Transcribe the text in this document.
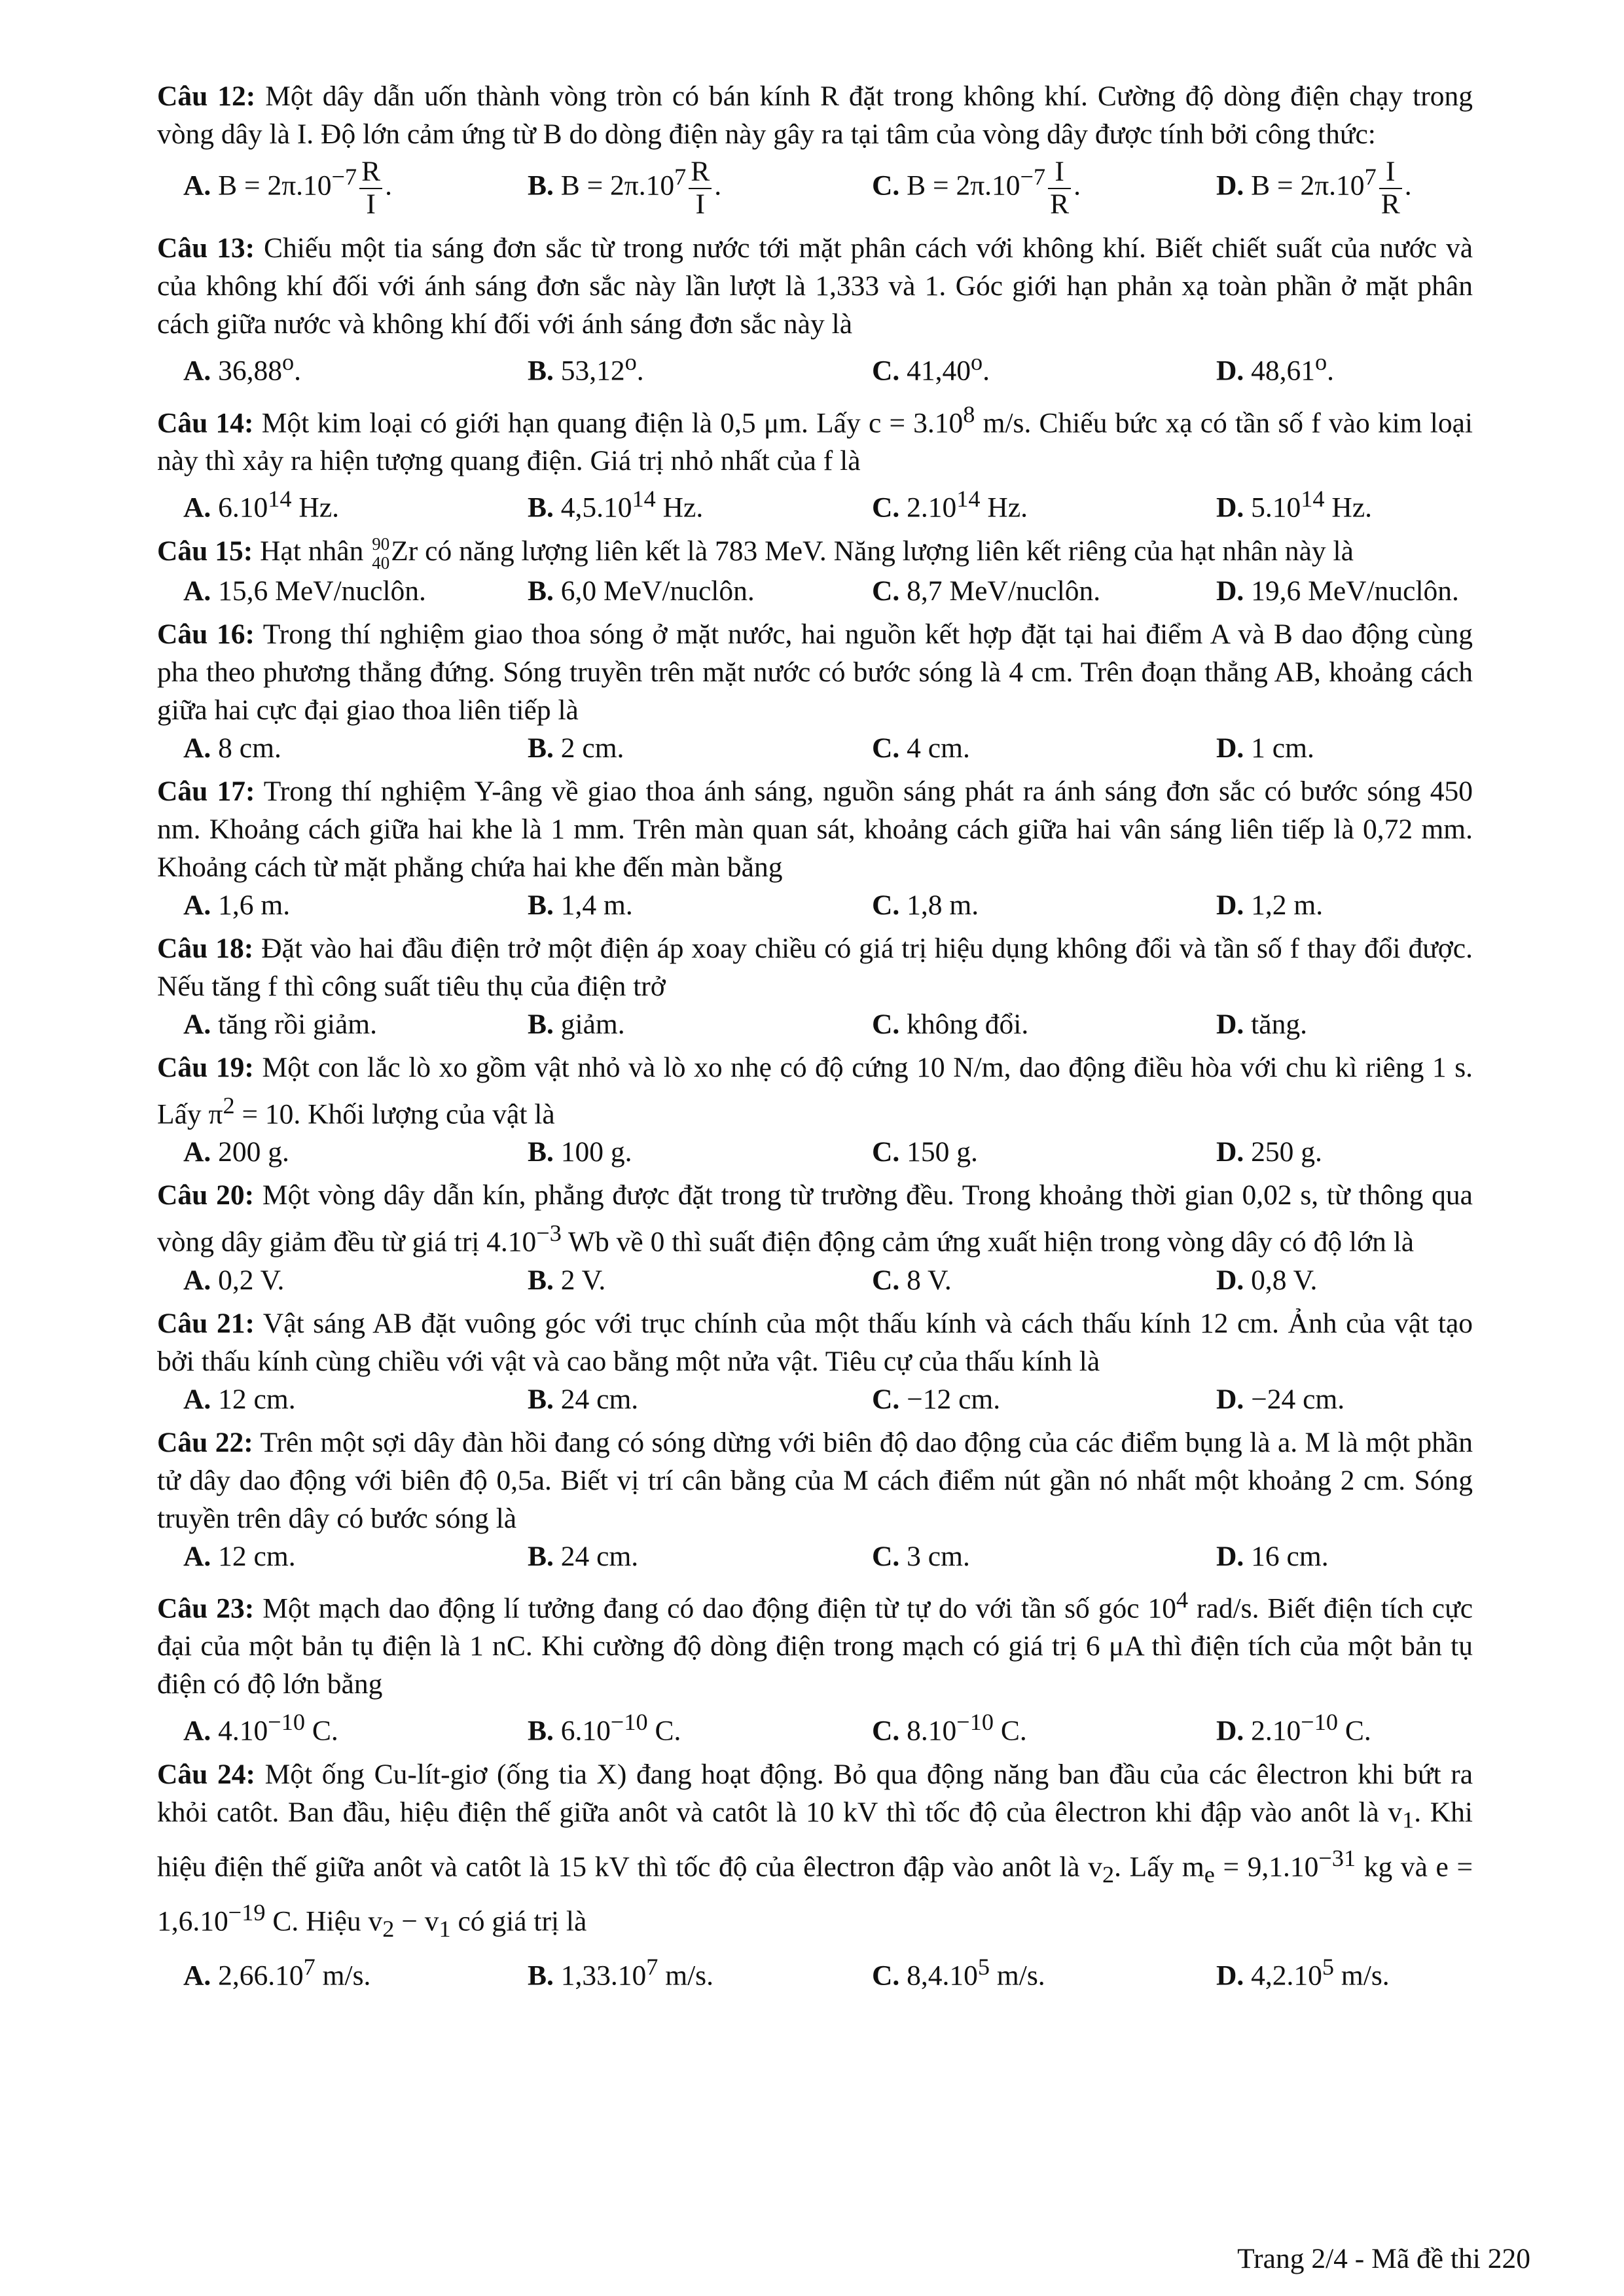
Câu 12: Một dây dẫn uốn thành vòng tròn có bán kính R đặt trong không khí. Cường độ dòng điện chạy trong vòng dây là I. Độ lớn cảm ứng từ B do dòng điện này gây ra tại tâm của vòng dây được tính bởi công thức:

A. $B = 2\pi.10^{-7} \frac{R}{I}$ .	B. $B = 2\pi.10^7 \frac{R}{I}$ .	C. $B = 2\pi.10^{-7} \frac{I}{R}$ .	D. $B = 2\pi.10^7 \frac{I}{R}$ .

Câu 13: Chiếu một tia sáng đơn sắc từ trong nước tới mặt phân cách với không khí. Biết chiết suất của nước và của không khí đối với ánh sáng đơn sắc này lần lượt là 1,333 và 1. Góc giới hạn phản xạ toàn phần ở mặt phân cách giữa nước và không khí đối với ánh sáng đơn sắc này là

A. 36,88$^o$.	B. 53,12$^o$.	C. 41,40$^o$.	D. 48,61$^o$.

Câu 14: Một kim loại có giới hạn quang điện là 0,5 μm. Lấy $c = 3.10^8$ m/s. Chiếu bức xạ có tần số f vào kim loại này thì xảy ra hiện tượng quang điện. Giá trị nhỏ nhất của f là

A. 6.10$^{14}$ Hz.	B. 4,5.10$^{14}$ Hz.	C. 2.10$^{14}$ Hz.	D. 5.10$^{14}$ Hz.

Câu 15: Hạt nhân 90
40 Zr có năng lượng liên kết là 783 MeV. Năng lượng liên kết riêng của hạt nhân này là

A. 15,6 MeV/nuclôn.	B. 6,0 MeV/nuclôn.	C. 8,7 MeV/nuclôn.	D. 19,6 MeV/nuclôn.

Câu 16: Trong thí nghiệm giao thoa sóng ở mặt nước, hai nguồn kết hợp đặt tại hai điểm A và B dao động cùng pha theo phương thẳng đứng. Sóng truyền trên mặt nước có bước sóng là 4 cm. Trên đoạn thẳng AB, khoảng cách giữa hai cực đại giao thoa liên tiếp là

A. 8 cm.	B. 2 cm.	C. 4 cm.	D. 1 cm.

Câu 17: Trong thí nghiệm Y-âng về giao thoa ánh sáng, nguồn sáng phát ra ánh sáng đơn sắc có bước sóng 450 nm. Khoảng cách giữa hai khe là 1 mm. Trên màn quan sát, khoảng cách giữa hai vân sáng liên tiếp là 0,72 mm. Khoảng cách từ mặt phẳng chứa hai khe đến màn bằng

A. 1,6 m.	B. 1,4 m.	C. 1,8 m.	D. 1,2 m.

Câu 18: Đặt vào hai đầu điện trở một điện áp xoay chiều có giá trị hiệu dụng không đổi và tần số f thay đổi được. Nếu tăng f thì công suất tiêu thụ của điện trở

A. tăng rồi giảm.	B. giảm.	C. không đổi.	D. tăng.

Câu 19: Một con lắc lò xo gồm vật nhỏ và lò xo nhẹ có độ cứng 10 N/m, dao động điều hòa với chu kì riêng 1 s. Lấy $\pi^2 = 10$. Khối lượng của vật là

A. 200 g.	B. 100 g.	C. 150 g.	D. 250 g.

Câu 20: Một vòng dây dẫn kín, phẳng được đặt trong từ trường đều. Trong khoảng thời gian 0,02 s, từ thông qua vòng dây giảm đều từ giá trị $4.10^{-3}$ Wb về 0 thì suất điện động cảm ứng xuất hiện trong vòng dây có độ lớn là

A. 0,2 V.	B. 2 V.	C. 8 V.	D. 0,8 V.

Câu 21: Vật sáng AB đặt vuông góc với trục chính của một thấu kính và cách thấu kính 12 cm. Ảnh của vật tạo bởi thấu kính cùng chiều với vật và cao bằng một nửa vật. Tiêu cự của thấu kính là

A. 12 cm.	B. 24 cm.	C. −12 cm.	D. −24 cm.

Câu 22: Trên một sợi dây đàn hồi đang có sóng dừng với biên độ dao động của các điểm bụng là a. M là một phần tử dây dao động với biên độ 0,5a. Biết vị trí cân bằng của M cách điểm nút gần nó nhất một khoảng 2 cm. Sóng truyền trên dây có bước sóng là

A. 12 cm.	B. 24 cm.	C. 3 cm.	D. 16 cm.

Câu 23: Một mạch dao động lí tưởng đang có dao động điện từ tự do với tần số góc $10^4$ rad/s. Biết điện tích cực đại của một bản tụ điện là 1 nC. Khi cường độ dòng điện trong mạch có giá trị 6 μA thì điện tích của một bản tụ điện có độ lớn bằng

A. $4.10^{-10}$ C.	B. $6.10^{-10}$ C.	C. $8.10^{-10}$ C.	D. $2.10^{-10}$ C.

Câu 24: Một ống Cu-lít-giơ (ống tia X) đang hoạt động. Bỏ qua động năng ban đầu của các êlectron khi bứt ra khỏi catôt. Ban đầu, hiệu điện thế giữa anôt và catôt là 10 kV thì tốc độ của êlectron khi đập vào anôt là $v_1$. Khi hiệu điện thế giữa anôt và catôt là 15 kV thì tốc độ của êlectron đập vào anôt là $v_2$. Lấy $m_e = 9,1.10^{-31}$ kg và $e = 1,6.10^{-19}$ C. Hiệu $v_2 - v_1$ có giá trị là

A. 2,66.10$^7$ m/s.	B. 1,33.10$^7$ m/s.	C. 8,4.10$^5$ m/s.	D. 4,2.10$^5$ m/s.
Trang 2/4 - Mã đề thi 220
